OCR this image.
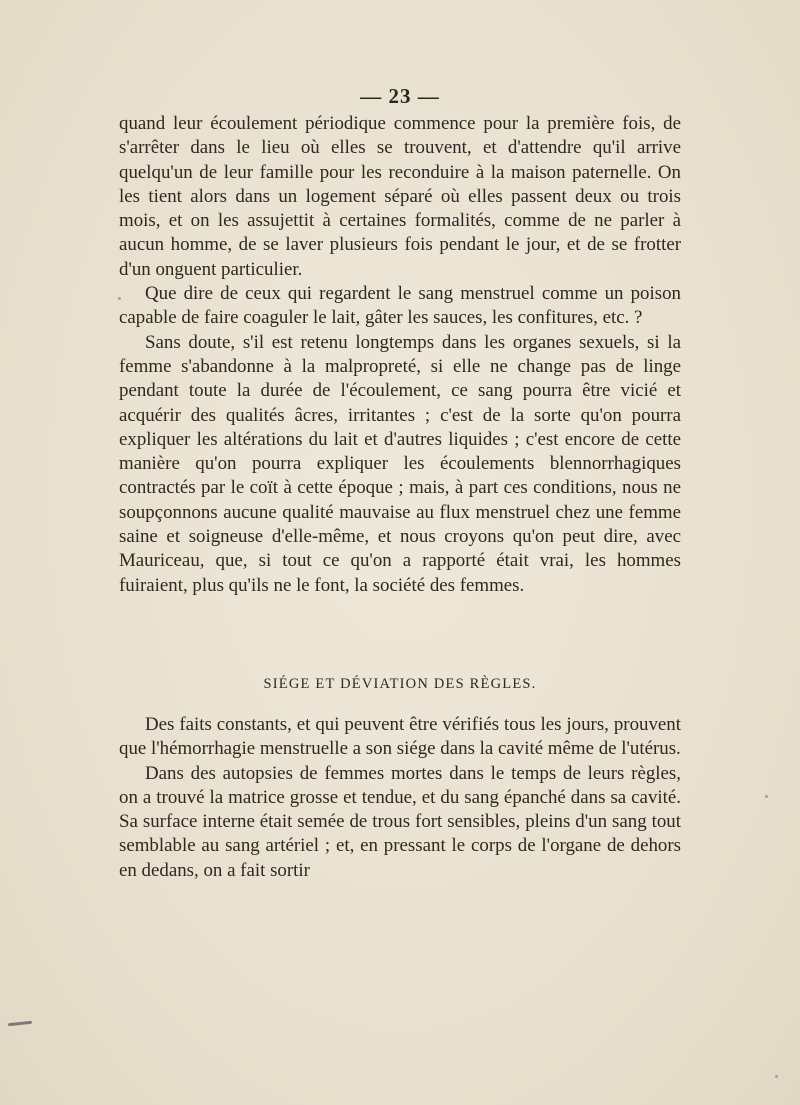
— 23 —

quand leur écoulement périodique commence pour la première fois, de s'arrêter dans le lieu où elles se trouvent, et d'attendre qu'il arrive quelqu'un de leur famille pour les reconduire à la maison paternelle. On les tient alors dans un logement séparé où elles passent deux ou trois mois, et on les assujettit à certaines formalités, comme de ne parler à aucun homme, de se laver plusieurs fois pendant le jour, et de se frotter d'un onguent particulier.

Que dire de ceux qui regardent le sang menstruel comme un poison capable de faire coaguler le lait, gâter les sauces, les confitures, etc. ?

Sans doute, s'il est retenu longtemps dans les organes sexuels, si la femme s'abandonne à la malpropreté, si elle ne change pas de linge pendant toute la durée de l'écoulement, ce sang pourra être vicié et acquérir des qualités âcres, irritantes ; c'est de la sorte qu'on pourra expliquer les altérations du lait et d'autres liquides ; c'est encore de cette manière qu'on pourra expliquer les écoulements blennorrhagiques contractés par le coït à cette époque ; mais, à part ces conditions, nous ne soupçonnons aucune qualité mauvaise au flux menstruel chez une femme saine et soigneuse d'elle-même, et nous croyons qu'on peut dire, avec Mauriceau, que, si tout ce qu'on a rapporté était vrai, les hommes fuiraient, plus qu'ils ne le font, la société des femmes.

SIÉGE ET DÉVIATION DES RÈGLES.

Des faits constants, et qui peuvent être vérifiés tous les jours, prouvent que l'hémorrhagie menstruelle a son siége dans la cavité même de l'utérus.

Dans des autopsies de femmes mortes dans le temps de leurs règles, on a trouvé la matrice grosse et tendue, et du sang épanché dans sa cavité. Sa surface interne était semée de trous fort sensibles, pleins d'un sang tout semblable au sang artériel ; et, en pressant le corps de l'organe de dehors en dedans, on a fait sortir
